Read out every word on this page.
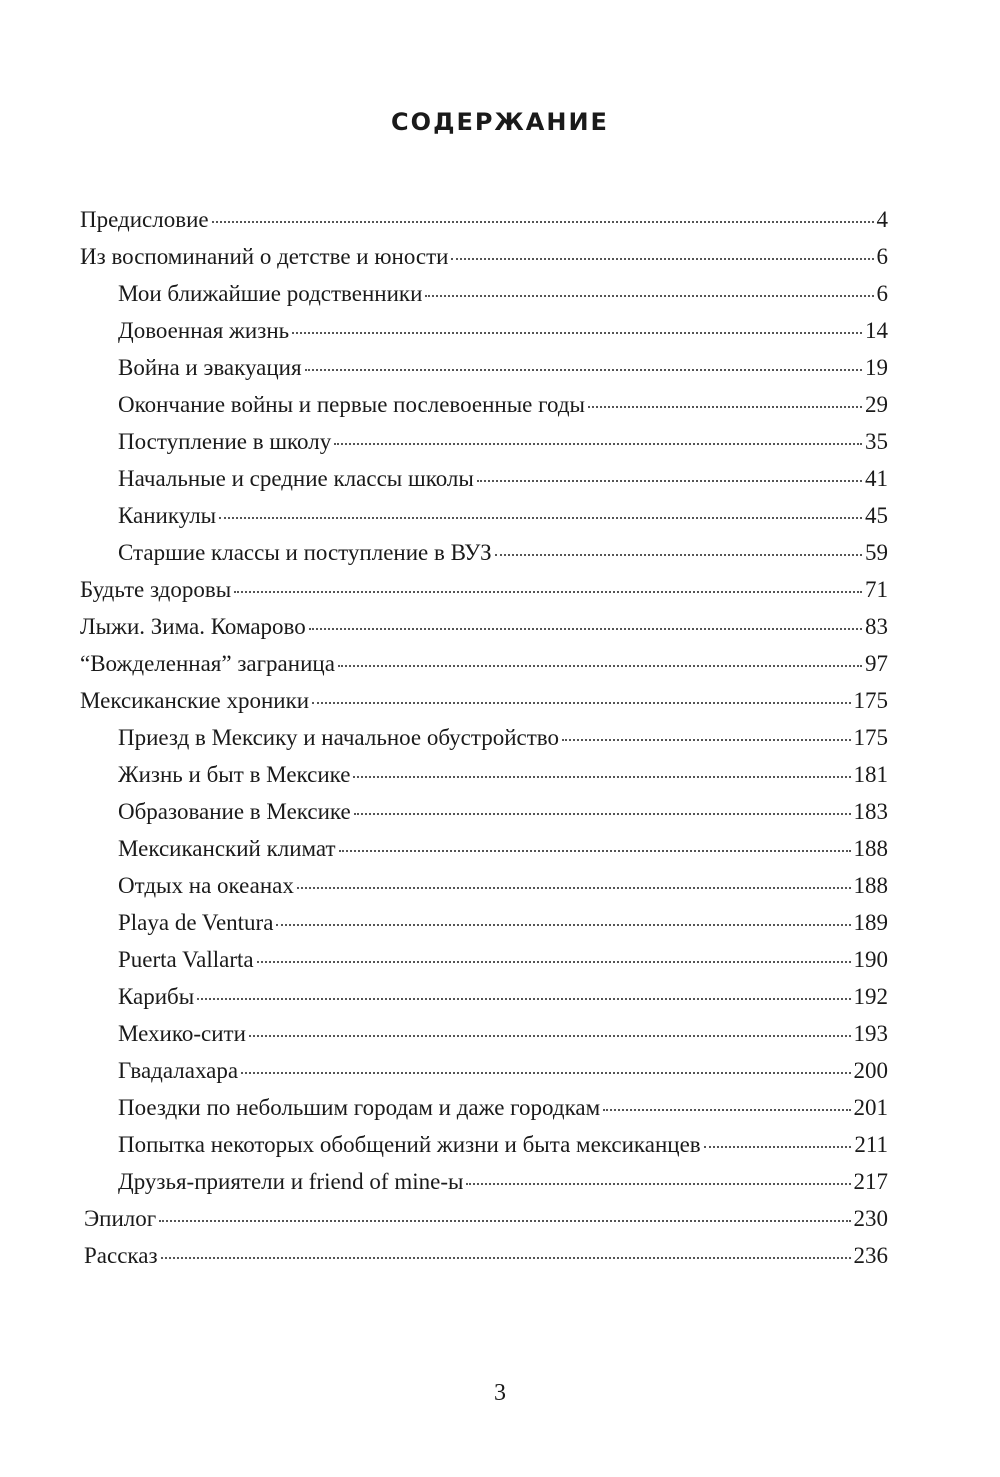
СОДЕРЖАНИЕ
Предисловие	4
Из воспоминаний о детстве и юности	6
Мои ближайшие родственники	6
Довоенная жизнь	14
Война и эвакуация	19
Окончание войны и первые послевоенные годы	29
Поступление в школу	35
Начальные и средние классы школы	41
Каникулы	45
Старшие классы и поступление в ВУЗ	59
Будьте здоровы	71
Лыжи. Зима. Комарово	83
“Вожделенная” заграница	97
Мексиканские хроники	175
Приезд в Мексику и начальное обустройство	175
Жизнь и быт в Мексике	181
Образование в Мексике	183
Мексиканский климат	188
Отдых на океанах	188
Playa de Ventura	189
Puerta Vallarta	190
Карибы	192
Мехико-сити	193
Гвадалахара	200
Поездки по небольшим городам и даже городкам	201
Попытка некоторых обобщений жизни и быта мексиканцев	211
Друзья-приятели и friend of mine-ы	217
Эпилог	230
Рассказ	236
3
